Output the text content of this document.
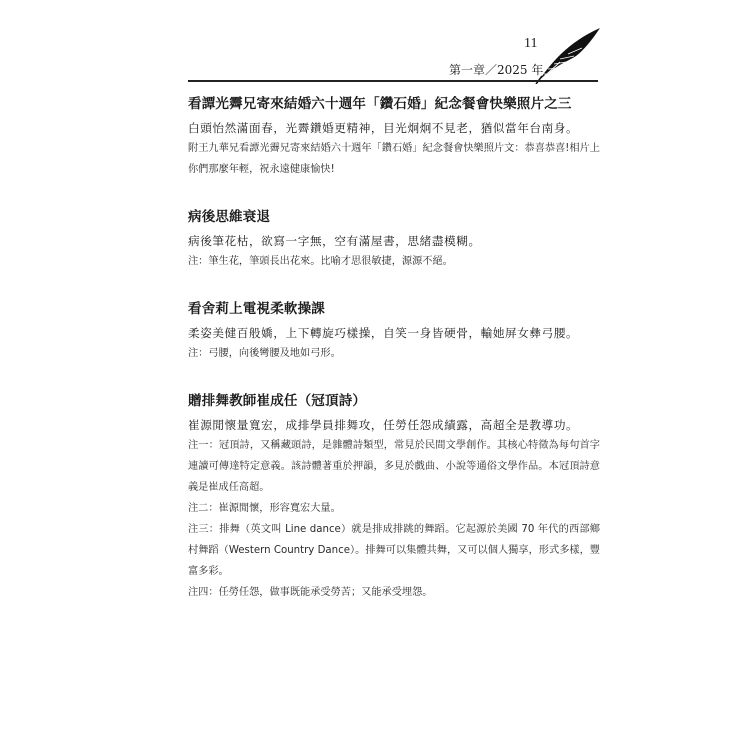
11
第一章／2025 年
看譚光霽兄寄來結婚六十週年「鑽石婚」紀念餐會快樂照片之三

白頭怡然滿面春，光霽鑽婚更精神，目光炯炯不見老，猶似當年台南身。

附王九華兄看譚光霽兄寄來結婚六十週年「鑽石婚」紀念餐會快樂照片文：恭喜恭喜!相片上你們那麼年輕，祝永遠健康愉快!

病後思維衰退

病後筆花枯，欲寫一字無，空有滿屋書，思緒盡模糊。

注：筆生花，筆頭長出花來。比喻才思很敏捷，源源不絕。

看舍莉上電視柔軟操課

柔姿美健百般嬌，上下轉旋巧樣操，自笑一身皆硬骨，輸她屏女彝弓腰。

注：弓腰，向後彎腰及地如弓形。

贈排舞教師崔成任（冠頂詩）

崔源閒懷量寬宏，成排學員排舞攻，任勞任怨成績露，高超全是教導功。

注一：冠頂詩，又稱藏頭詩，是雜體詩類型，常見於民間文學創作。其核心特徵為每句首字連讀可傳達特定意義。該詩體著重於押韻，多見於戲曲、小說等通俗文學作品。本冠頂詩意義是崔成任高超。

注二：崔源閒懷，形容寬宏大量。

注三：排舞（英文叫 Line dance）就是排成排跳的舞蹈。它起源於美國 70 年代的西部鄉村舞蹈（Western Country Dance）。排舞可以集體共舞，又可以個人獨享，形式多樣，豐富多彩。

注四：任勞任怨，做事既能承受勞苦；又能承受埋怨。
